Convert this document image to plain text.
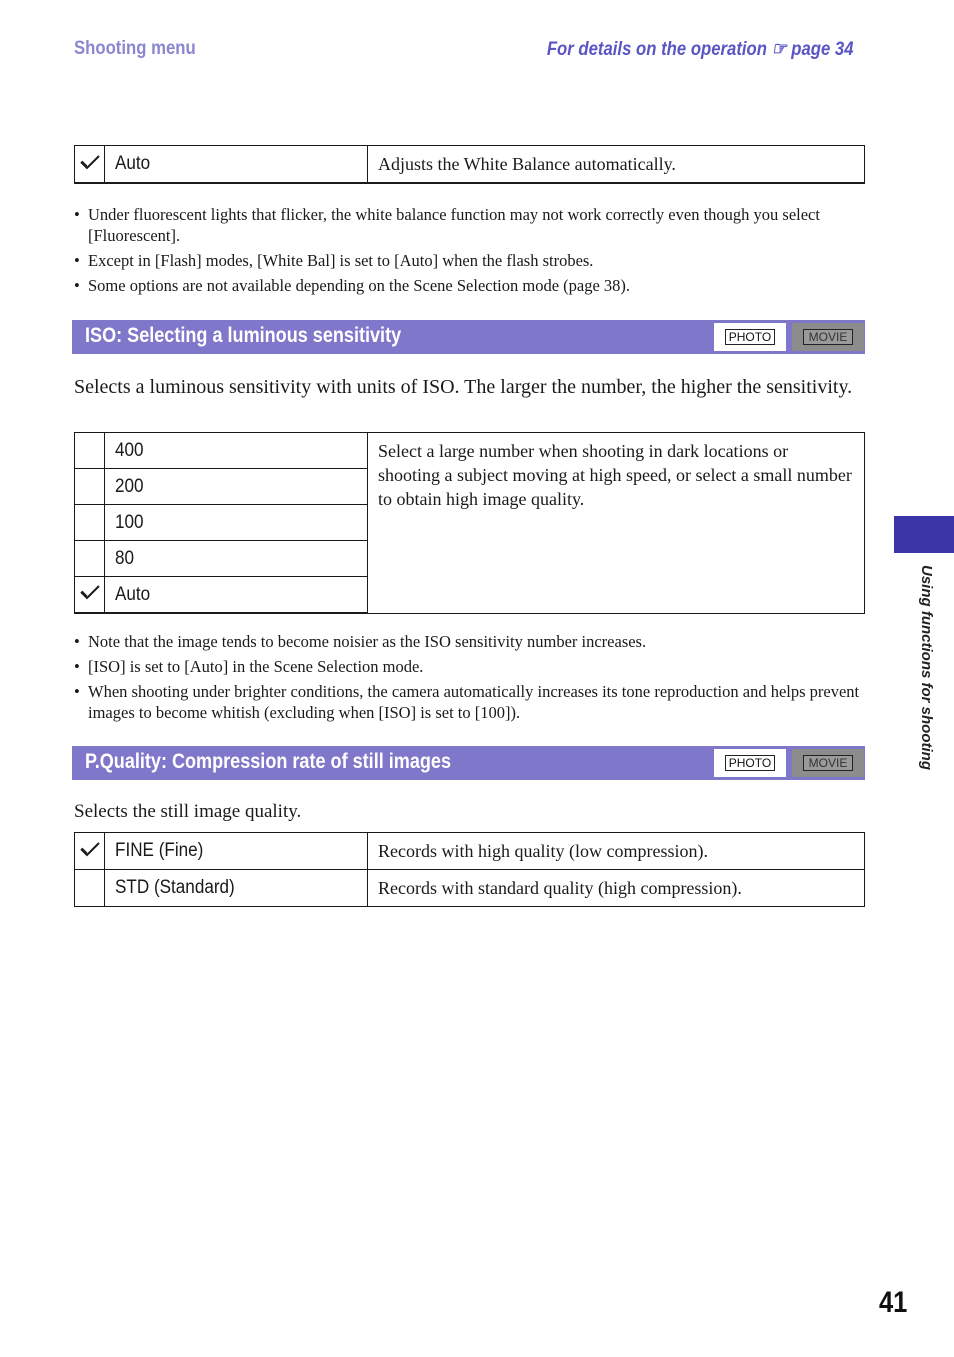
Shooting menu	For details on the operation ☞ page 34
	Auto	Adjusts the White Balance automatically.
• Under fluorescent lights that flicker, the white balance function may not work correctly even though you select [Fluorescent].
• Except in [Flash] modes, [White Bal] is set to [Auto] when the flash strobes.
• Some options are not available depending on the Scene Selection mode (page 38).
ISO: Selecting a luminous sensitivity	PHOTO	MOVIE
Selects a luminous sensitivity with units of ISO. The larger the number, the higher the sensitivity.
	400	Select a large number when shooting in dark locations or shooting a subject moving at high speed, or select a small number to obtain high image quality.
	200	
	100	
	80	
	Auto	
• Note that the image tends to become noisier as the ISO sensitivity number increases.
• [ISO] is set to [Auto] in the Scene Selection mode.
• When shooting under brighter conditions, the camera automatically increases its tone reproduction and helps prevent images to become whitish (excluding when [ISO] is set to [100]).
P.Quality: Compression rate of still images	PHOTO	MOVIE
Selects the still image quality.
	FINE (Fine)	Records with high quality (low compression).
	STD (Standard)	Records with standard quality (high compression).
Using functions for shooting
41
